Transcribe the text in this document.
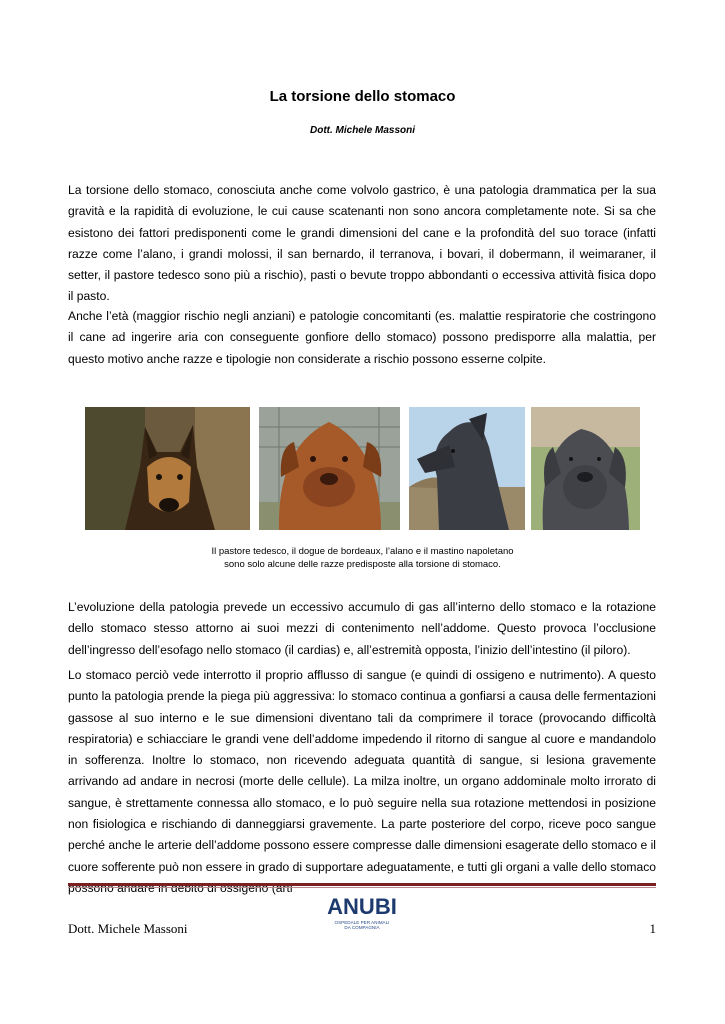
La torsione dello stomaco
Dott. Michele Massoni

La torsione dello stomaco, conosciuta anche come volvolo gastrico, è una patologia drammatica per la sua gravità e la rapidità di evoluzione, le cui cause scatenanti non sono ancora completamente note. Si sa che esistono dei fattori predisponenti come le grandi dimensioni del cane e la profondità del suo torace (infatti razze come l’alano, i grandi molossi, il san bernardo, il terranova, i bovari, il dobermann, il weimaraner, il setter, il pastore tedesco sono più a rischio), pasti o bevute troppo abbondanti o eccessiva attività fisica dopo il pasto.

Anche l’età (maggior rischio negli anziani) e patologie concomitanti (es. malattie respiratorie che costringono il cane ad ingerire aria con conseguente gonfiore dello stomaco) possono predisporre alla malattia, per questo motivo anche razze e tipologie non considerate a rischio possono esserne colpite.

Il pastore tedesco, il dogue de bordeaux, l’alano e il mastino napoletano
sono solo alcune delle razze predisposte alla torsione di stomaco.

L’evoluzione della patologia prevede un eccessivo accumulo di gas all’interno dello stomaco e la rotazione dello stomaco stesso attorno ai suoi mezzi di contenimento nell’addome. Questo provoca l’occlusione dell’ingresso dell’esofago nello stomaco (il cardias) e, all’estremità opposta, l’inizio dell’intestino (il piloro).

Lo stomaco perciò vede interrotto il proprio afflusso di sangue (e quindi di ossigeno e nutrimento). A questo punto la patologia prende la piega più aggressiva: lo stomaco continua a gonfiarsi a causa delle fermentazioni gassose al suo interno e le sue dimensioni diventano tali da comprimere il torace (provocando difficoltà respiratoria) e schiacciare le grandi vene dell’addome impedendo il ritorno di sangue al cuore e mandandolo in sofferenza. Inoltre lo stomaco, non ricevendo adeguata quantità di sangue, si lesiona gravemente arrivando ad andare in necrosi (morte delle cellule). La milza inoltre, un organo addominale molto irrorato di sangue, è strettamente connessa allo stomaco, e lo può seguire nella sua rotazione mettendosi in posizione non fisiologica e rischiando di danneggiarsi gravemente. La parte posteriore del corpo, riceve poco sangue perché anche le arterie dell’addome possono essere compresse dalle dimensioni esagerate dello stomaco e il cuore sofferente può non essere in grado di supportare adeguatamente, e tutti gli organi a valle dello stomaco

ANUBI
OSPEDALE PER ANIMALI
DA COMPAGNIA
Dott. Michele Massoni	1
